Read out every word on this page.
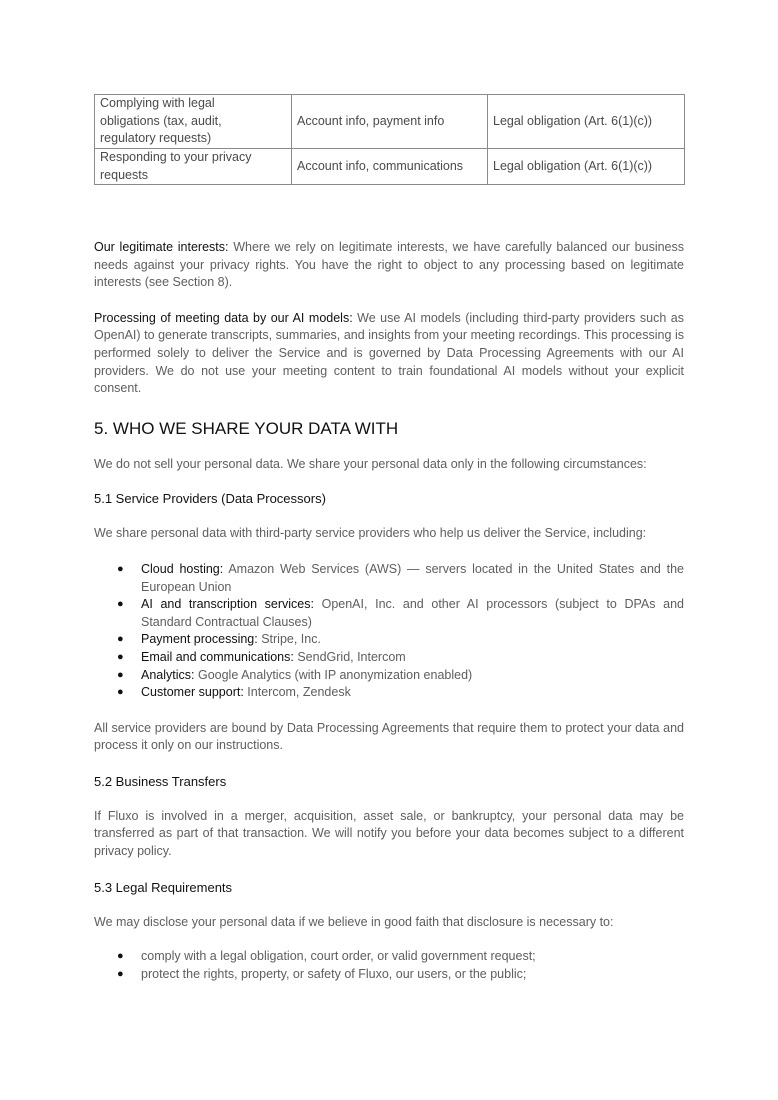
Complying with legal
obligations (tax, audit,
regulatory requests)	Account info, payment info	Legal obligation (Art. 6(1)(c))

Responding to your privacy
requests	Account info, communications	Legal obligation (Art. 6(1)(c))

Our legitimate interests: Where we rely on legitimate interests, we have carefully balanced our business needs against your privacy rights. You have the right to object to any processing based on legitimate interests (see Section 8).

Processing of meeting data by our AI models: We use AI models (including third-party providers such as OpenAI) to generate transcripts, summaries, and insights from your meeting recordings. This processing is performed solely to deliver the Service and is governed by Data Processing Agreements with our AI providers. We do not use your meeting content to train foundational AI models without your explicit consent.

5. WHO WE SHARE YOUR DATA WITH

We do not sell your personal data. We share your personal data only in the following circumstances:

5.1 Service Providers (Data Processors)

We share personal data with third-party service providers who help us deliver the Service, including:

● Cloud hosting: Amazon Web Services (AWS) — servers located in the United States and the European Union
● AI and transcription services: OpenAI, Inc. and other AI processors (subject to DPAs and Standard Contractual Clauses)
● Payment processing: Stripe, Inc.
● Email and communications: SendGrid, Intercom
● Analytics: Google Analytics (with IP anonymization enabled)
● Customer support: Intercom, Zendesk

All service providers are bound by Data Processing Agreements that require them to protect your data and process it only on our instructions.

5.2 Business Transfers

If Fluxo is involved in a merger, acquisition, asset sale, or bankruptcy, your personal data may be transferred as part of that transaction. We will notify you before your data becomes subject to a different privacy policy.

5.3 Legal Requirements

We may disclose your personal data if we believe in good faith that disclosure is necessary to:

● comply with a legal obligation, court order, or valid government request;
● protect the rights, property, or safety of Fluxo, our users, or the public;
